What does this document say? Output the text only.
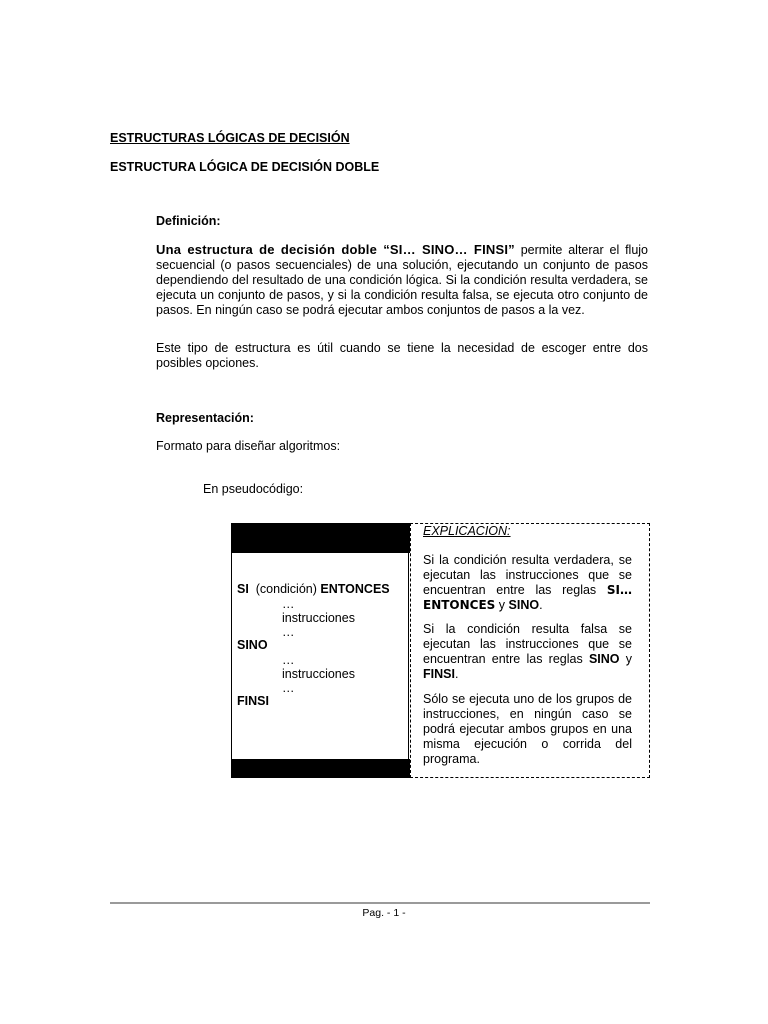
ESTRUCTURAS LÓGICAS DE DECISIÓN
ESTRUCTURA LÓGICA DE DECISIÓN DOBLE
Definición:
Una estructura de decisión doble “SI… SINO… FINSI” permite alterar el flujo secuencial (o pasos secuenciales) de una solución, ejecutando un conjunto de pasos dependiendo del resultado de una condición lógica. Si la condición resulta verdadera, se ejecuta un conjunto de pasos, y si la condición resulta falsa, se ejecuta otro conjunto de pasos. En ningún caso se podrá ejecutar ambos conjuntos de pasos a la vez.
Este tipo de estructura es útil cuando se tiene la necesidad de escoger entre dos posibles opciones.
Representación:
Formato para diseñar algoritmos:
En pseudocódigo:
SI (condición) ENTONCES
…
instrucciones
…
SINO
…
instrucciones
…
FINSI
EXPLICACION:
Si la condición resulta verdadera, se ejecutan las instrucciones que se encuentran entre las reglas SI…ENTONCES y SINO.
Si la condición resulta falsa se ejecutan las instrucciones que se encuentran entre las reglas SINO y FINSI.
Sólo se ejecuta uno de los grupos de instrucciones, en ningún caso se podrá ejecutar ambos grupos en una misma ejecución o corrida del programa.
Pag. - 1 -
